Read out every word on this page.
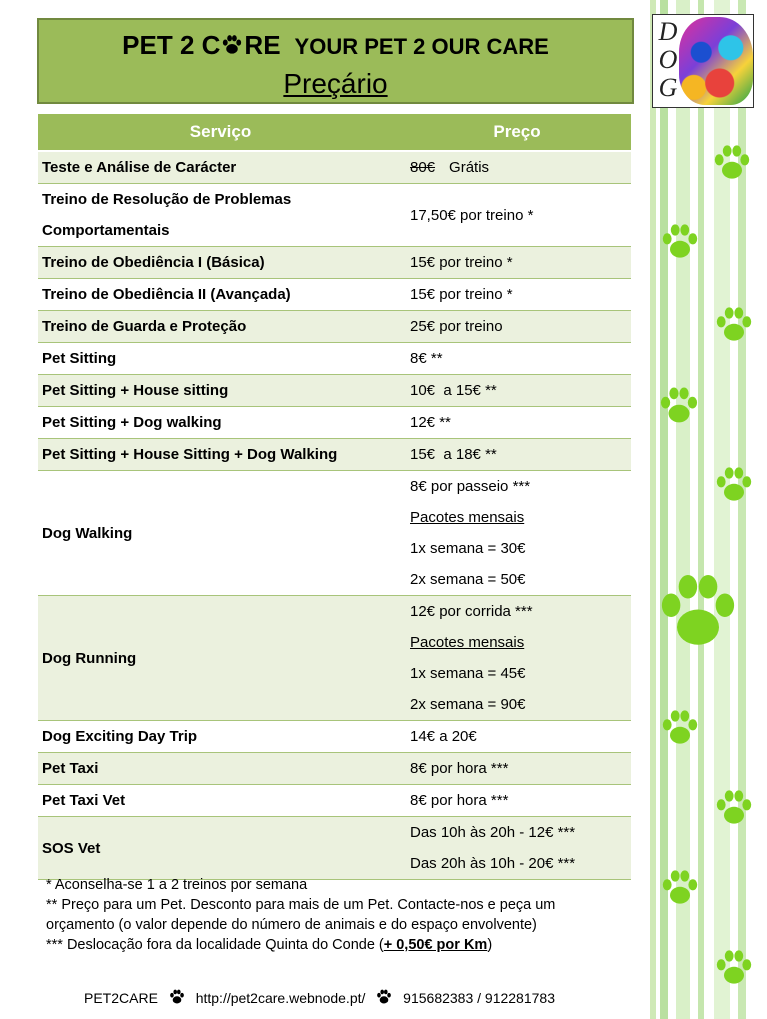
D
O
G
PET 2 C RE YOUR PET 2 OUR CARE
Preçário
Serviço	Preço
Teste e Análise de Carácter	80€ Grátis

Treino de Resolução de Problemas
Comportamentais	17,50€ por treino *
Treino de Obediência I (Básica)	15€ por treino *
Treino de Obediência II (Avançada)	15€ por treino *
Treino de Guarda e Proteção	25€ por treino
Pet Sitting	8€ **
Pet Sitting + House sitting	10€  a 15€ **
Pet Sitting + Dog walking	12€ **
Pet Sitting + House Sitting + Dog Walking	15€  a 18€ **
Dog Walking	8€ por passeio ***
Pacotes mensais
1x semana = 30€
2x semana = 50€

Dog Running	12€ por corrida ***
Pacotes mensais
1x semana = 45€
2x semana = 90€

Dog Exciting Day Trip	14€ a 20€
Pet Taxi	8€ por hora ***
Pet Taxi Vet	8€ por hora ***
SOS Vet	Das 10h às 20h - 12€ ***
Das 20h às 10h - 20€ ***

* Aconselha-se 1 a 2 treinos por semana

** Preço para um Pet. Desconto para mais de um Pet. Contacte-nos e peça um orçamento (o valor depende do número de animais e do espaço envolvente)

*** Deslocação fora da localidade Quinta do Conde (+ 0,50€ por Km)

PET2CARE	http://pet2care.webnode.pt/	915682383 / 912281783
